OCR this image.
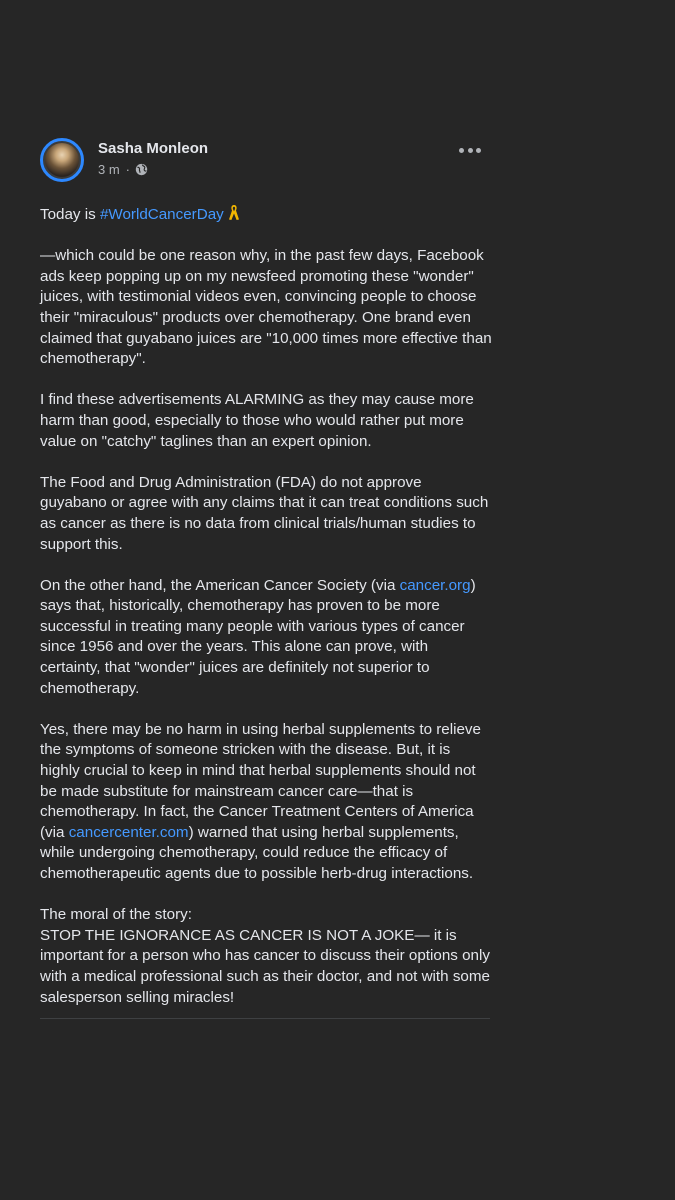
Sasha Monleon
3 m ·

Today is #WorldCancerDay

—which could be one reason why, in the past few days, Facebook ads keep popping up on my newsfeed promoting these "wonder" juices, with testimonial videos even, convincing people to choose their "miraculous" products over chemotherapy. One brand even claimed that guyabano juices are "10,000 times more effective than chemotherapy".

I find these advertisements ALARMING as they may cause more harm than good, especially to those who would rather put more value on "catchy" taglines than an expert opinion.

The Food and Drug Administration (FDA) do not approve guyabano or agree with any claims that it can treat conditions such as cancer as there is no data from clinical trials/human studies to support this.

On the other hand, the American Cancer Society (via cancer.org) says that, historically, chemotherapy has proven to be more successful in treating many people with various types of cancer since 1956 and over the years. This alone can prove, with certainty, that "wonder" juices are definitely not superior to chemotherapy.

Yes, there may be no harm in using herbal supplements to relieve the symptoms of someone stricken with the disease. But, it is highly crucial to keep in mind that herbal supplements should not be made substitute for mainstream cancer care—that is chemotherapy. In fact, the Cancer Treatment Centers of America (via cancercenter.com) warned that using herbal supplements, while undergoing chemotherapy, could reduce the efficacy of chemotherapeutic agents due to possible herb-drug interactions.

The moral of the story:
STOP THE IGNORANCE AS CANCER IS NOT A JOKE— it is important for a person who has cancer to discuss their options only with a medical professional such as their doctor, and not with some salesperson selling miracles!
